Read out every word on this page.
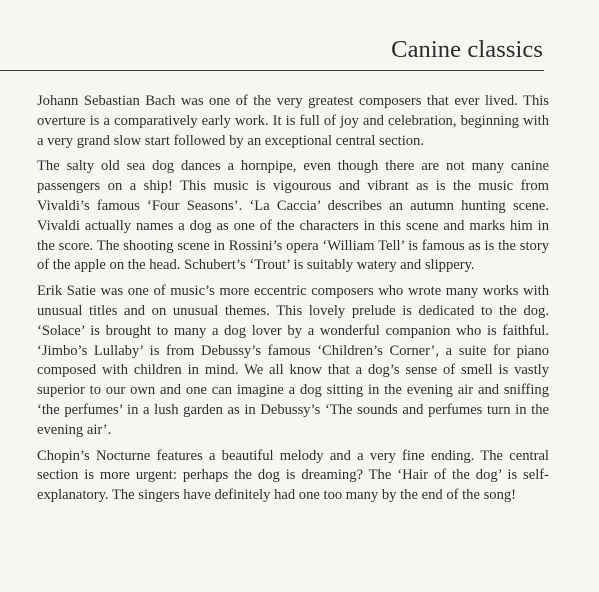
Canine classics

Johann Sebastian Bach was one of the very greatest composers that ever lived. This overture is a comparatively early work. It is full of joy and celebration, beginning with a very grand slow start followed by an exceptional central section.

The salty old sea dog dances a hornpipe, even though there are not many canine passengers on a ship! This music is vigourous and vibrant as is the music from Vivaldi’s famous ‘Four Seasons’. ‘La Caccia’ describes an autumn hunting scene. Vivaldi actually names a dog as one of the characters in this scene and marks him in the score. The shooting scene in Rossini’s opera ‘William Tell’ is famous as is the story of the apple on the head. Schubert’s ‘Trout’ is suitably watery and slippery.

Erik Satie was one of music’s more eccentric composers who wrote many works with unusual titles and on unusual themes. This lovely prelude is dedicated to the dog. ‘Solace’ is brought to many a dog lover by a wonderful companion who is faithful. ‘Jimbo’s Lullaby’ is from Debussy’s famous ‘Children’s Corner’, a suite for piano composed with children in mind. We all know that a dog’s sense of smell is vastly superior to our own and one can imagine a dog sitting in the evening air and sniffing ‘the perfumes’ in a lush garden as in Debussy’s ‘The sounds and perfumes turn in the evening air’.

Chopin’s Nocturne features a beautiful melody and a very fine ending. The central section is more urgent: perhaps the dog is dreaming? The ‘Hair of the dog’ is self-explanatory. The singers have definitely had one too many by the end of the song!
